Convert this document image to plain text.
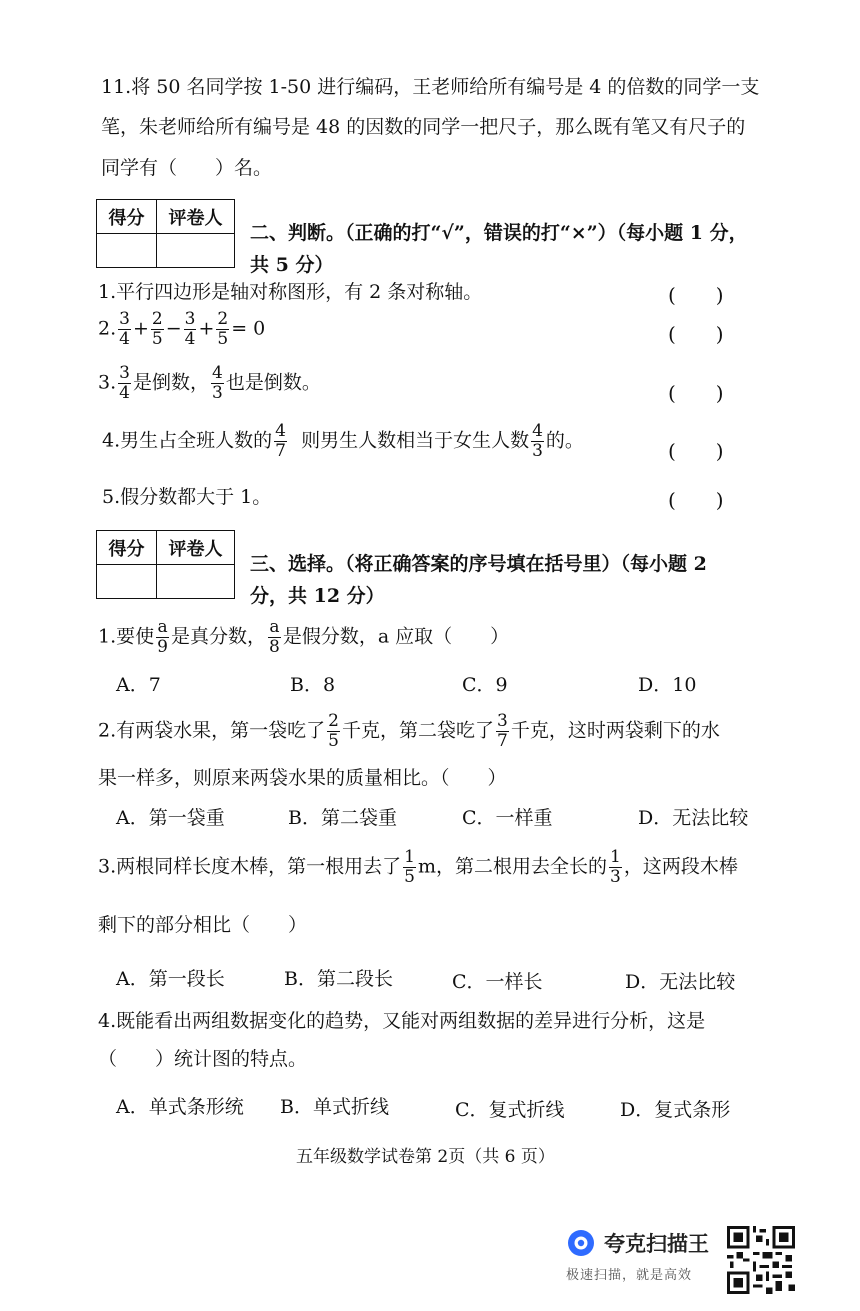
11.将 50 名同学按 1-50 进行编码，王老师给所有编号是 4 的倍数的同学一支
笔，朱老师给所有编号是 48 的因数的同学一把尺子，那么既有笔又有尺子的
同学有（　　）名。
得分	评卷人

二、判断。（正确的打“√”，错误的打“×”）（每小题 1 分，
共 5 分）
1.平行四边形是轴对称图形，有 2 条对称轴。	(　　)
2. $\frac{3}{4} + \frac{2}{5} - \frac{3}{4} + \frac{2}{5} = 0$	(　　)
3. $\frac{3}{4}$ 是倒数， $\frac{4}{3}$ 也是倒数。	(　　)
4.男生占全班人数的 $\frac{4}{7}$ 则男生人数相当于女生人数 $\frac{4}{3}$ 的。	(　　)
5.假分数都大于 1。	(　　)
得分	评卷人

三、选择。（将正确答案的序号填在括号里）（每小题 2
分，共 12 分）
1.要使 $\frac{a}{9}$ 是真分数， $\frac{a}{8}$ 是假分数，a 应取（　　）
A．7	B．8	C．9	D．10
2.有两袋水果，第一袋吃了 $\frac{2}{5}$ 千克，第二袋吃了 $\frac{3}{7}$ 千克，这时两袋剩下的水
果一样多，则原来两袋水果的质量相比。（　　）
A．第一袋重	B．第二袋重	C．一样重	D．无法比较
3.两根同样长度木棒，第一根用去了 $\frac{1}{5}$ m，第二根用去全长的 $\frac{1}{3}$ ，这两段木棒
剩下的部分相比（　　）
A．第一段长	B．第二段长	C．一样长	D．无法比较
4.既能看出两组数据变化的趋势，又能对两组数据的差异进行分析，这是
（　　）统计图的特点。
A．单式条形统 B．单式折线	C．复式折线	D．复式条形
五年级数学试卷第 2页（共 6 页）
夸克扫描王
极速扫描，就是高效
